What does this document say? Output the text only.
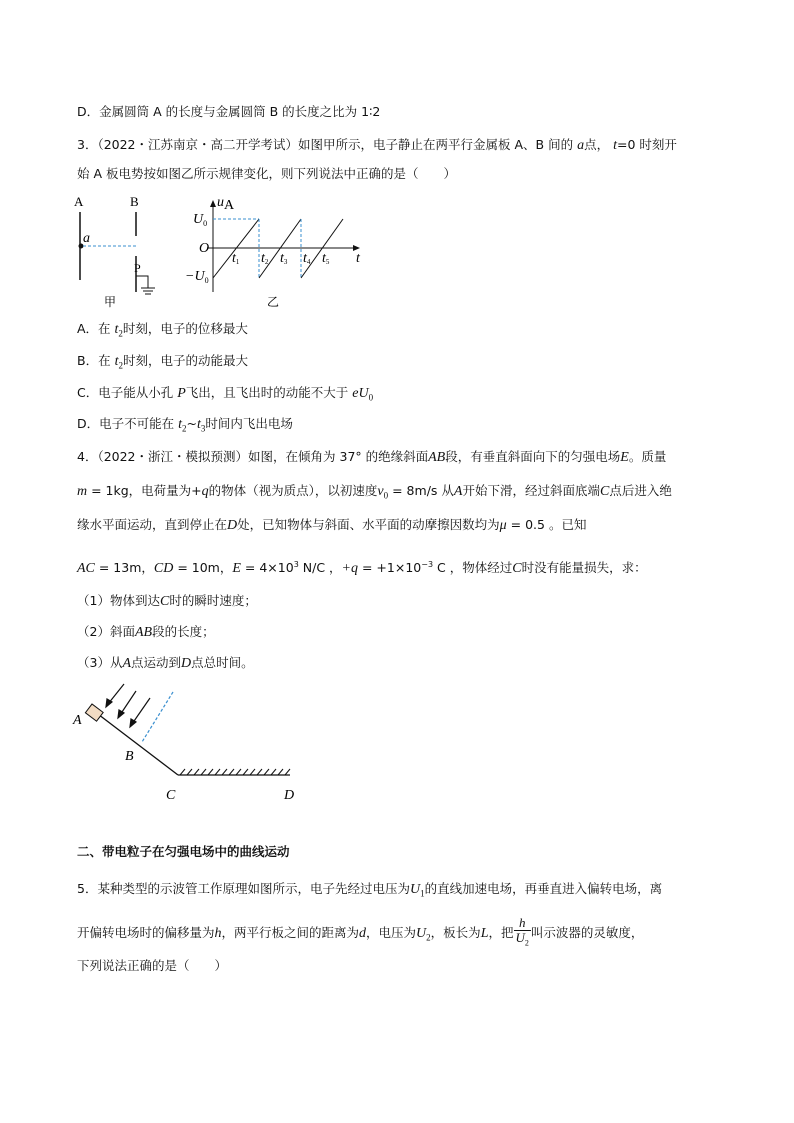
D．金属圆筒 A 的长度与金属圆筒 B 的长度之比为 1∶2
3．（2022・江苏南京・高二开学考试）如图甲所示，电子静止在两平行金属板 A、B 间的 a点， t=0 时刻开
始 A 板电势按如图乙所示规律变化，则下列说法中正确的是（　　）
A	B
a
P
甲
uA
$U_0$
O
$-U_0$
t1 t2 t3 t4 t5 t
乙
A．在 $t_2$时刻，电子的位移最大
B．在 $t_2$时刻，电子的动能最大
C．电子能从小孔 P飞出，且飞出时的动能不大于 $eU_0$
D．电子不可能在 $t_2\sim t_3$时间内飞出电场
4．（2022・浙江・模拟预测）如图，在倾角为 37° 的绝缘斜面AB段，有垂直斜面向下的匀强电场E。质量
m = 1kg，电荷量为+q的物体（视为质点），以初速度$v_0 = 8m/s$ 从A开始下滑，经过斜面底端C点后进入绝
缘水平面运动，直到停止在D处，已知物体与斜面、水平面的动摩擦因数均为μ = 0.5 。已知
AC = 13m，CD = 10m，$E = 4\times 10^3$ N/C ，$+q = +1\times 10^{-3}$ C ，物体经过C时没有能量损失，求：
（1）物体到达C时的瞬时速度；
（2）斜面AB段的长度；
（3）从A点运动到D点总时间。
A
B
C	D
二、带电粒子在匀强电场中的曲线运动
5．某种类型的示波管工作原理如图所示，电子先经过电压为$U_1$的直线加速电场，再垂直进入偏转电场，离
开偏转电场时的偏移量为h，两平行板之间的距离为d，电压为$U_2$，板长为L，把 $\frac{h}{U_2}$ 叫示波器的灵敏度，
下列说法正确的是（　　）
